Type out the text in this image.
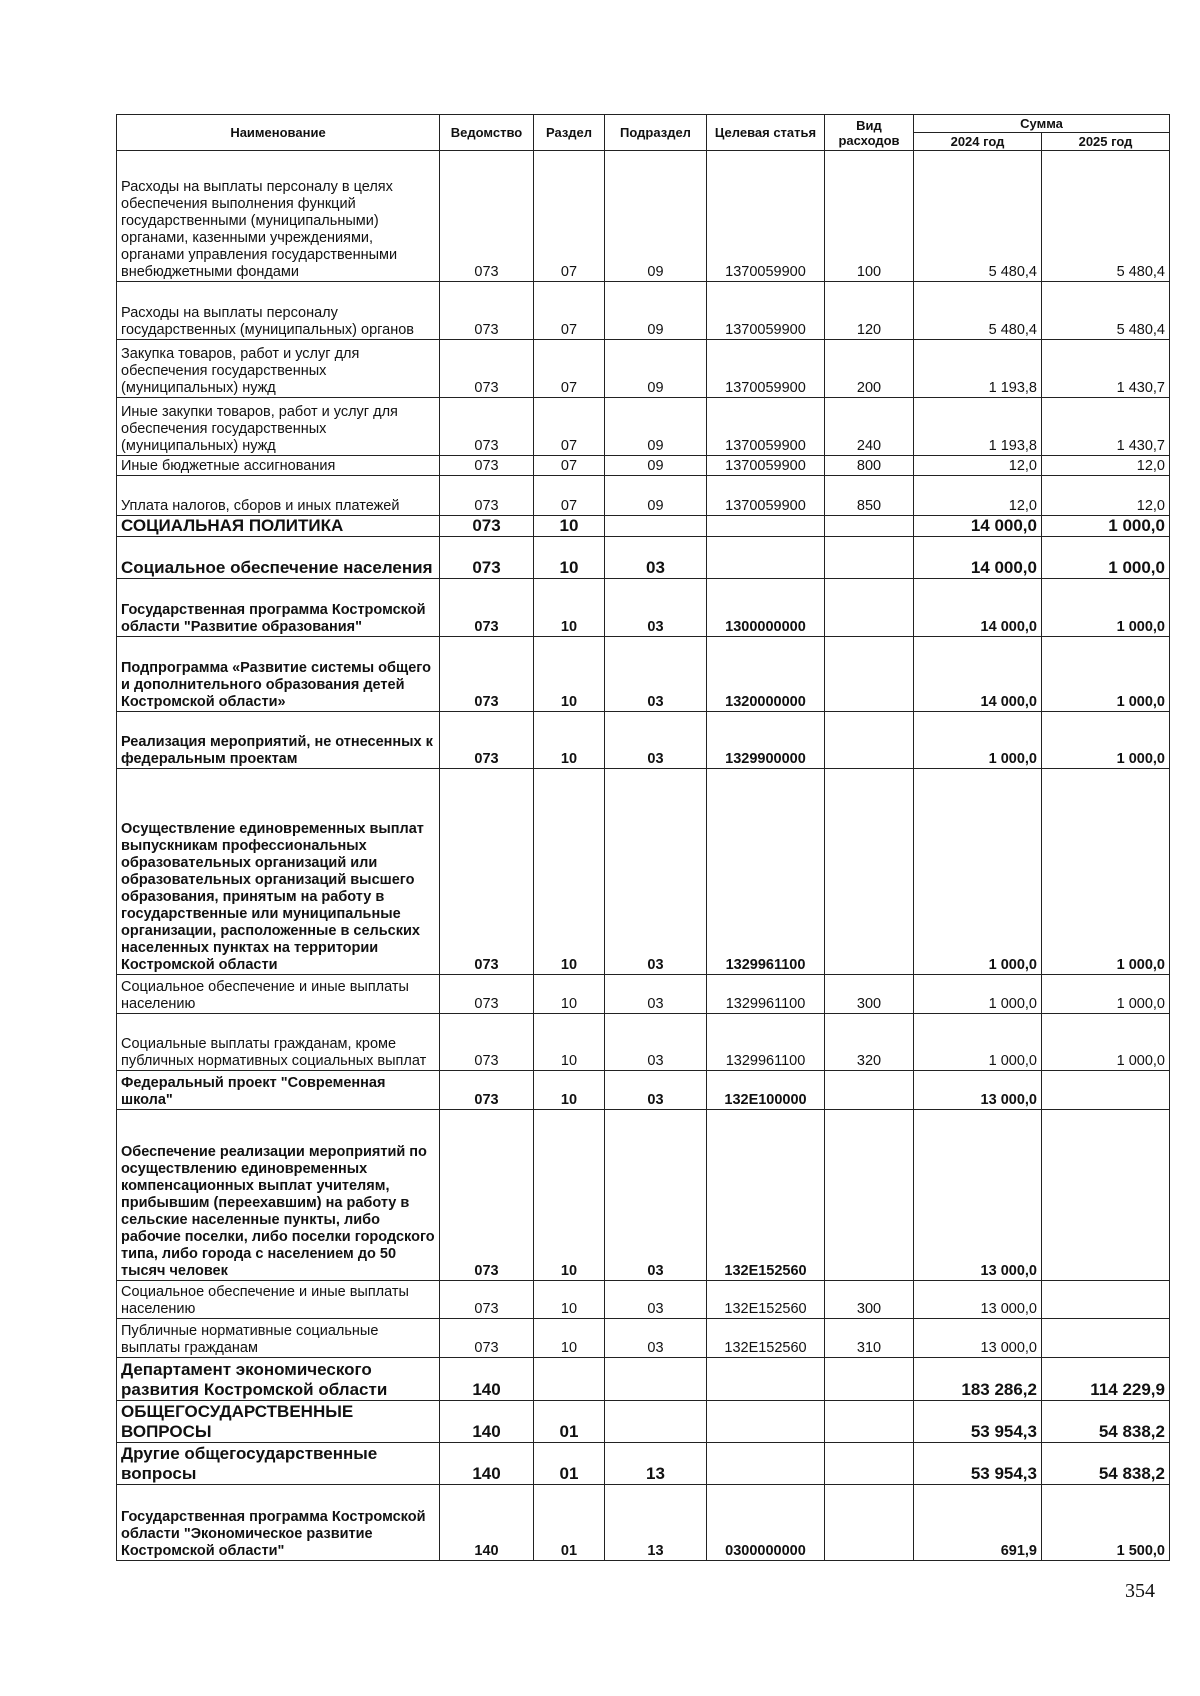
Наименование	Ведомство	Раздел	Подраздел	Целевая статья	Вид расходов	Сумма	
						2024 год	2025 год
Расходы на выплаты персоналу в целях обеспечения выполнения функций государственными (муниципальными) органами, казенными учреждениями, органами управления государственными внебюджетными фондами	073	07	09	1370059900	100	5 480,4	5 480,4
Расходы на выплаты персоналу государственных (муниципальных) органов	073	07	09	1370059900	120	5 480,4	5 480,4
Закупка товаров, работ и услуг для обеспечения государственных (муниципальных) нужд	073	07	09	1370059900	200	1 193,8	1 430,7
Иные закупки товаров, работ и услуг для обеспечения государственных (муниципальных) нужд	073	07	09	1370059900	240	1 193,8	1 430,7
Иные бюджетные ассигнования	073	07	09	1370059900	800	12,0	12,0
Уплата налогов, сборов и иных платежей	073	07	09	1370059900	850	12,0	12,0
СОЦИАЛЬНАЯ ПОЛИТИКА	073	10				14 000,0	1 000,0
Социальное обеспечение населения	073	10	03			14 000,0	1 000,0
Государственная программа Костромской области "Развитие образования"	073	10	03	1300000000		14 000,0	1 000,0
Подпрограмма «Развитие системы общего и дополнительного образования детей Костромской области»	073	10	03	1320000000		14 000,0	1 000,0
Реализация мероприятий, не отнесенных к федеральным проектам	073	10	03	1329900000		1 000,0	1 000,0
Осуществление единовременных выплат выпускникам профессиональных образовательных организаций или образовательных организаций высшего образования, принятым на работу в государственные или муниципальные организации, расположенные в сельских населенных пунктах на территории Костромской области	073	10	03	1329961100		1 000,0	1 000,0
Социальное обеспечение и иные выплаты населению	073	10	03	1329961100	300	1 000,0	1 000,0
Социальные выплаты гражданам, кроме публичных нормативных социальных выплат	073	10	03	1329961100	320	1 000,0	1 000,0
Федеральный проект "Современная школа"	073	10	03	132E100000		13 000,0	
Обеспечение реализации мероприятий по осуществлению единовременных компенсационных выплат учителям, прибывшим (переехавшим) на работу в сельские населенные пункты, либо рабочие поселки, либо поселки городского типа, либо города с населением до 50 тысяч человек	073	10	03	132E152560		13 000,0	
Социальное обеспечение и иные выплаты населению	073	10	03	132E152560	300	13 000,0	
Публичные нормативные социальные выплаты гражданам	073	10	03	132E152560	310	13 000,0	
Департамент экономического развития Костромской области	140					183 286,2	114 229,9
ОБЩЕГОСУДАРСТВЕННЫЕ ВОПРОСЫ	140	01				53 954,3	54 838,2
Другие общегосударственные вопросы	140	01	13			53 954,3	54 838,2
Государственная программа Костромской области "Экономическое развитие Костромской области"	140	01	13	0300000000		691,9	1 500,0
354
